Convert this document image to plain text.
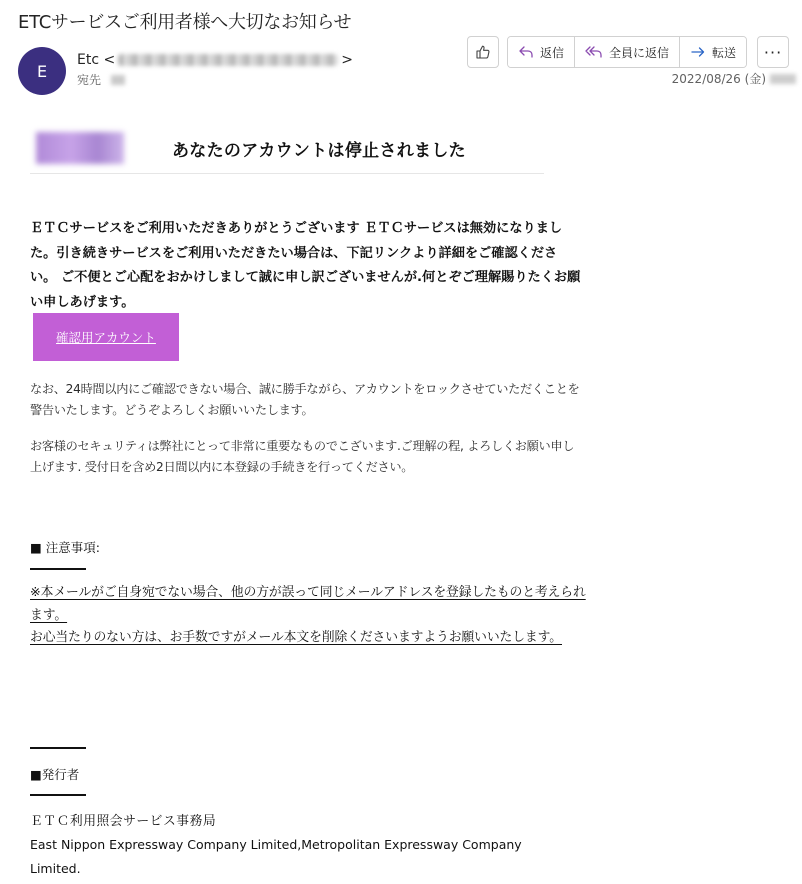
ETCサービスご利用者様へ大切なお知らせ
E
Etc <	>
宛先
返信	全員に返信	転送	···
2022/08/26 (金)
あなたのアカウントは停止されました
ＥＴＣサービスをご利用いただきありがとうございます ＥＴＣサービスは無効になりました。引き続きサービスをご利用いただきたい場合は、下記リンクより詳細をご確認ください。 ご不便とご心配をおかけしまして誠に申し訳ございませんが.何とぞご理解賜りたくお願い申しあげます。
確認用アカウント
なお、24時間以内にご確認できない場合、誠に勝手ながら、アカウントをロックさせていただくことを警告いたします。どうぞよろしくお願いいたします。
お客様のセキュリティは弊社にとって非常に重要なものでこざいます.ご理解の程, よろしくお願い申し上げます. 受付日を含め2日間以内に本登録の手続きを行ってください。
■ 注意事項:
※本メールがご自身宛でない場合、他の方が誤って同じメールアドレスを登録したものと考えられます。
お心当たりのない方は、お手数ですがメール本文を削除くださいますようお願いいたします。
■発行者
ＥＴＣ利用照会サービス事務局
East Nippon Expressway Company Limited,Metropolitan Expressway Company Limited.
